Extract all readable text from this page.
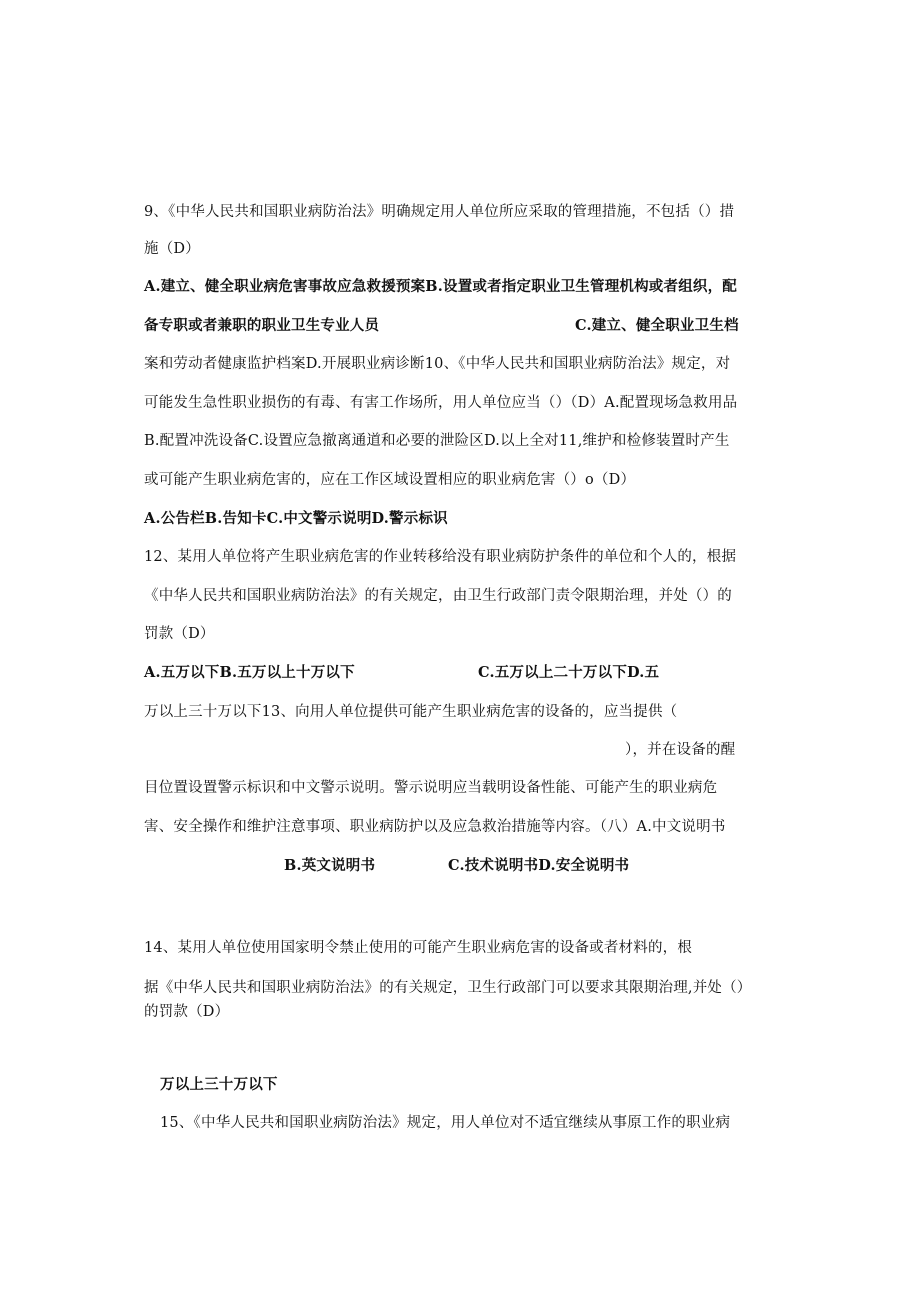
9、《中华人民共和国职业病防治法》明确规定用人单位所应采取的管理措施，不包括（）措
施（D）
A.建立、健全职业病危害事故应急救援预案B.设置或者指定职业卫生管理机构或者组织，配
备专职或者兼职的职业卫生专业人员	C.建立、健全职业卫生档
案和劳动者健康监护档案D.开展职业病诊断10、《中华人民共和国职业病防治法》规定，对
可能发生急性职业损伤的有毒、有害工作场所，用人单位应当（）（D）A.配置现场急救用品
B.配置冲洗设备C.设置应急撤离通道和必要的泄险区D.以上全对11,维护和检修装置时产生
或可能产生职业病危害的，应在工作区域设置相应的职业病危害（）o（D）
A.公告栏B.告知卡C.中文警示说明D.警示标识
12、某用人单位将产生职业病危害的作业转移给没有职业病防护条件的单位和个人的，根据
《中华人民共和国职业病防治法》的有关规定，由卫生行政部门责令限期治理，并处（）的
罚款（D）
A.五万以下B.五万以上十万以下	C.五万以上二十万以下D.五
万以上三十万以下13、向用人单位提供可能产生职业病危害的设备的，应当提供（
），并在设备的醒
目位置设置警示标识和中文警示说明。警示说明应当载明设备性能、可能产生的职业病危
害、安全操作和维护注意事项、职业病防护以及应急救治措施等内容。（八）A.中文说明书
B.英文说明书	C.技术说明书D.安全说明书
14、某用人单位使用国家明令禁止使用的可能产生职业病危害的设备或者材料的，根
据《中华人民共和国职业病防治法》的有关规定，卫生行政部门可以要求其限期治理,并处（）
的罚款（D）
万以上三十万以下
15、《中华人民共和国职业病防治法》规定，用人单位对不适宜继续从事原工作的职业病
